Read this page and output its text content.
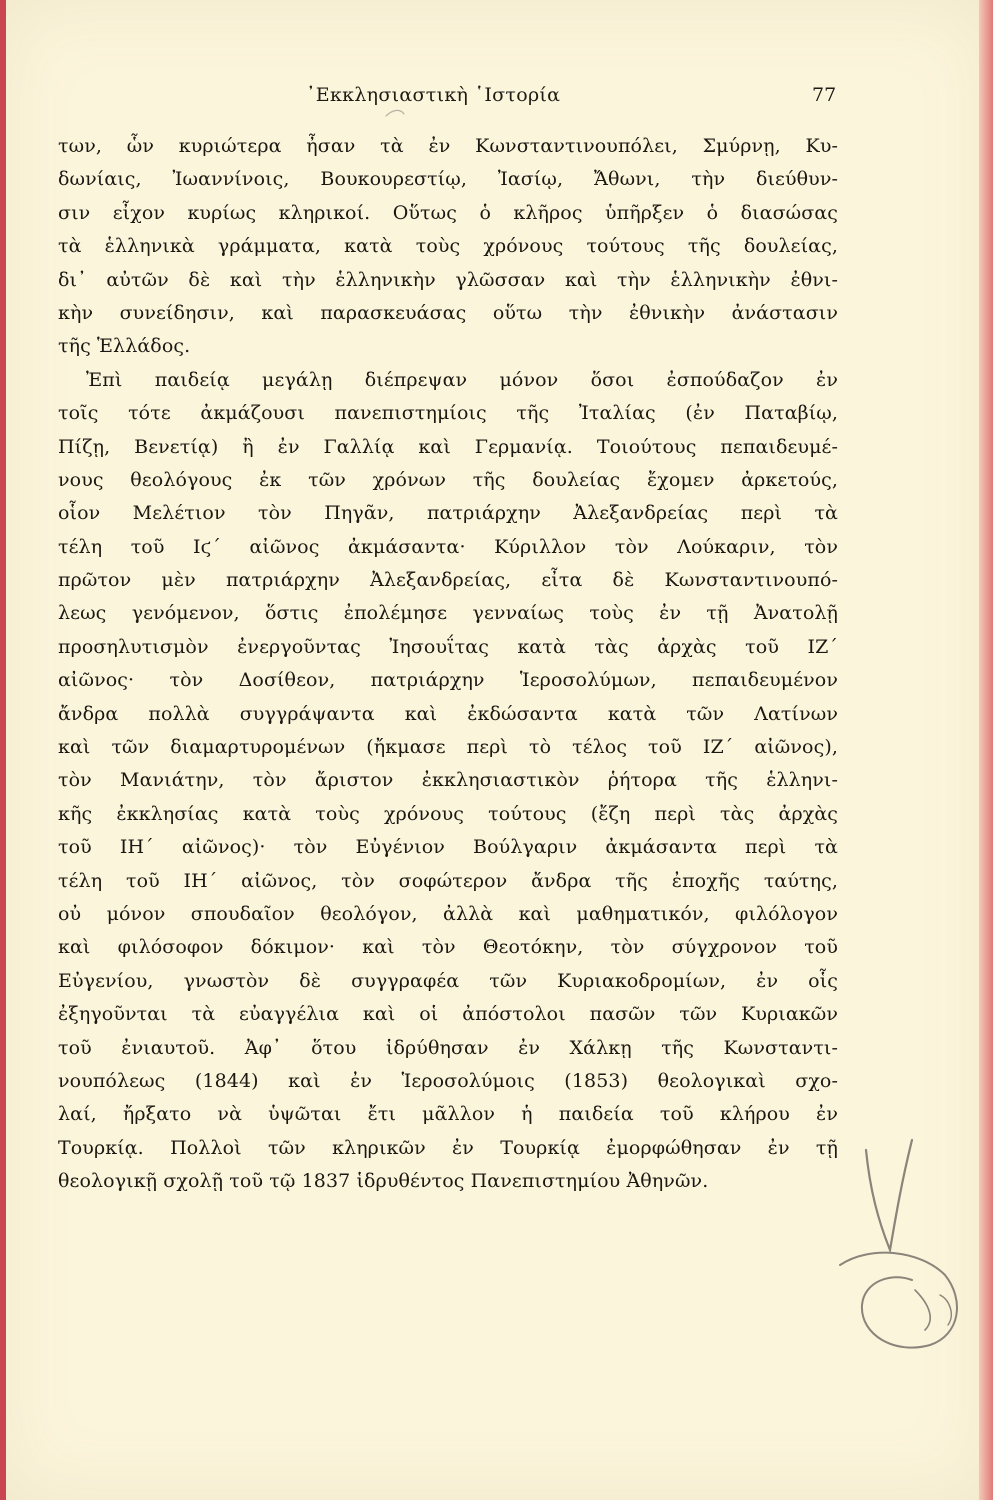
᾿Εκκλησιαστικὴ ῾Ιστορία	77
των, ὧν κυριώτερα ἦσαν τὰ ἐν Κωνσταντινουπόλει, Σμύρνῃ, Κυ-
δωνίαις, Ἰωαννίνοις, Βουκουρεστίῳ, Ἰασίῳ, Ἄθωνι, τὴν διεύθυν-
σιν εἶχον κυρίως κληρικοί. Οὕτως ὁ κλῆρος ὑπῆρξεν ὁ διασώσας
τὰ ἑλληνικὰ γράμματα, κατὰ τοὺς χρόνους τούτους τῆς δουλείας,
δι᾿ αὐτῶν δὲ καὶ τὴν ἑλληνικὴν γλῶσσαν καὶ τὴν ἑλληνικὴν ἐθνι-
κὴν συνείδησιν, καὶ παρασκευάσας οὕτω τὴν ἐθνικὴν ἀνάστασιν
τῆς Ἑλλάδος.
Ἐπὶ παιδείᾳ μεγάλῃ διέπρεψαν μόνον ὅσοι ἐσπούδαζον ἐν
τοῖς τότε ἀκμάζουσι πανεπιστημίοις τῆς Ἰταλίας (ἐν Παταβίῳ,
Πίζῃ, Βενετίᾳ) ἢ ἐν Γαλλίᾳ καὶ Γερμανίᾳ. Τοιούτους πεπαιδευμέ-
νους θεολόγους ἐκ τῶν χρόνων τῆς δουλείας ἔχομεν ἀρκετούς,
οἷον Μελέτιον τὸν Πηγᾶν, πατριάρχην Ἀλεξανδρείας περὶ τὰ
τέλη τοῦ Ιϛ´ αἰῶνος ἀκμάσαντα· Κύριλλον τὸν Λούκαριν, τὸν
πρῶτον μὲν πατριάρχην Ἀλεξανδρείας, εἶτα δὲ Κωνσταντινουπό-
λεως γενόμενον, ὅστις ἐπολέμησε γενναίως τοὺς ἐν τῇ Ἀνατολῇ
προσηλυτισμὸν ἐνεργοῦντας Ἰησουΐτας κατὰ τὰς ἀρχὰς τοῦ ΙΖ´
αἰῶνος· τὸν Δοσίθεον, πατριάρχην Ἱεροσολύμων, πεπαιδευμένον
ἄνδρα πολλὰ συγγράψαντα καὶ ἐκδώσαντα κατὰ τῶν Λατίνων
καὶ τῶν διαμαρτυρομένων (ἤκμασε περὶ τὸ τέλος τοῦ ΙΖ´ αἰῶνος),
τὸν Μανιάτην, τὸν ἄριστον ἐκκλησιαστικὸν ῥήτορα τῆς ἑλληνι-
κῆς ἐκκλησίας κατὰ τοὺς χρόνους τούτους (ἔζη περὶ τὰς ἀρχὰς
τοῦ ΙΗ´ αἰῶνος)· τὸν Εὐγένιον Βούλγαριν ἀκμάσαντα περὶ τὰ
τέλη τοῦ ΙΗ´ αἰῶνος, τὸν σοφώτερον ἄνδρα τῆς ἐποχῆς ταύτης,
οὐ μόνον σπουδαῖον θεολόγον, ἀλλὰ καὶ μαθηματικόν, φιλόλογον
καὶ φιλόσοφον δόκιμον· καὶ τὸν Θεοτόκην, τὸν σύγχρονον τοῦ
Εὐγενίου, γνωστὸν δὲ συγγραφέα τῶν Κυριακοδρομίων, ἐν οἷς
ἐξηγοῦνται τὰ εὐαγγέλια καὶ οἱ ἀπόστολοι πασῶν τῶν Κυριακῶν
τοῦ ἐνιαυτοῦ. Ἀφ᾿ ὅτου ἱδρύθησαν ἐν Χάλκῃ τῆς Κωνσταντι-
νουπόλεως (1844) καὶ ἐν Ἱεροσολύμοις (1853) θεολογικαὶ σχο-
λαί, ἤρξατο νὰ ὑψῶται ἔτι μᾶλλον ἡ παιδεία τοῦ κλήρου ἐν
Τουρκίᾳ. Πολλοὶ τῶν κληρικῶν ἐν Τουρκίᾳ ἐμορφώθησαν ἐν τῇ
θεολογικῇ σχολῇ τοῦ τῷ 1837 ἱδρυθέντος Πανεπιστημίου Ἀθηνῶν.
